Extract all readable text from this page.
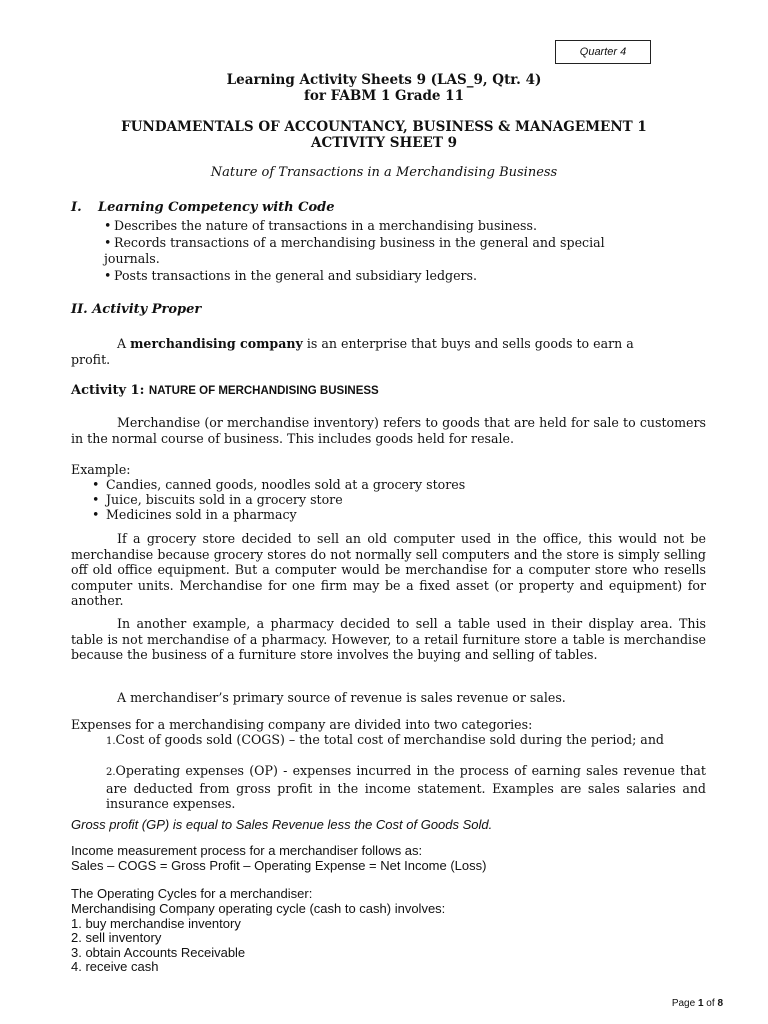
Quarter 4
Learning Activity Sheets 9 (LAS_9, Qtr. 4)
for FABM 1 Grade 11
FUNDAMENTALS OF ACCOUNTANCY, BUSINESS & MANAGEMENT 1
ACTIVITY SHEET 9
Nature of Transactions in a Merchandising Business
I. Learning Competency with Code
• Describes the nature of transactions in a merchandising business.
• Records transactions of a merchandising business in the general and special
journals.
• Posts transactions in the general and subsidiary ledgers.
II. Activity Proper
A merchandising company is an enterprise that buys and sells goods to earn a
profit.
Activity 1: NATURE OF MERCHANDISING BUSINESS
Merchandise (or merchandise inventory) refers to goods that are held for sale to customers in the normal course of business. This includes goods held for resale.
Example:
• Candies, canned goods, noodles sold at a grocery stores
• Juice, biscuits sold in a grocery store
• Medicines sold in a pharmacy
If a grocery store decided to sell an old computer used in the office, this would not be merchandise because grocery stores do not normally sell computers and the store is simply selling off old office equipment. But a computer would be merchandise for a computer store who resells computer units. Merchandise for one firm may be a fixed asset (or property and equipment) for another.
In another example, a pharmacy decided to sell a table used in their display area. This table is not merchandise of a pharmacy. However, to a retail furniture store a table is merchandise because the business of a furniture store involves the buying and selling of tables.
A merchandiser’s primary source of revenue is sales revenue or sales.
Expenses for a merchandising company are divided into two categories:
1.Cost of goods sold (COGS) – the total cost of merchandise sold during the period; and
2.Operating expenses (OP) - expenses incurred in the process of earning sales revenue that are deducted from gross profit in the income statement. Examples are sales salaries and insurance expenses.
Gross profit (GP) is equal to Sales Revenue less the Cost of Goods Sold.
Income measurement process for a merchandiser follows as:
Sales – COGS = Gross Profit – Operating Expense = Net Income (Loss)
The Operating Cycles for a merchandiser:
Merchandising Company operating cycle (cash to cash) involves:
1. buy merchandise inventory
2. sell inventory
3. obtain Accounts Receivable
4. receive cash
Page 1 of 8
